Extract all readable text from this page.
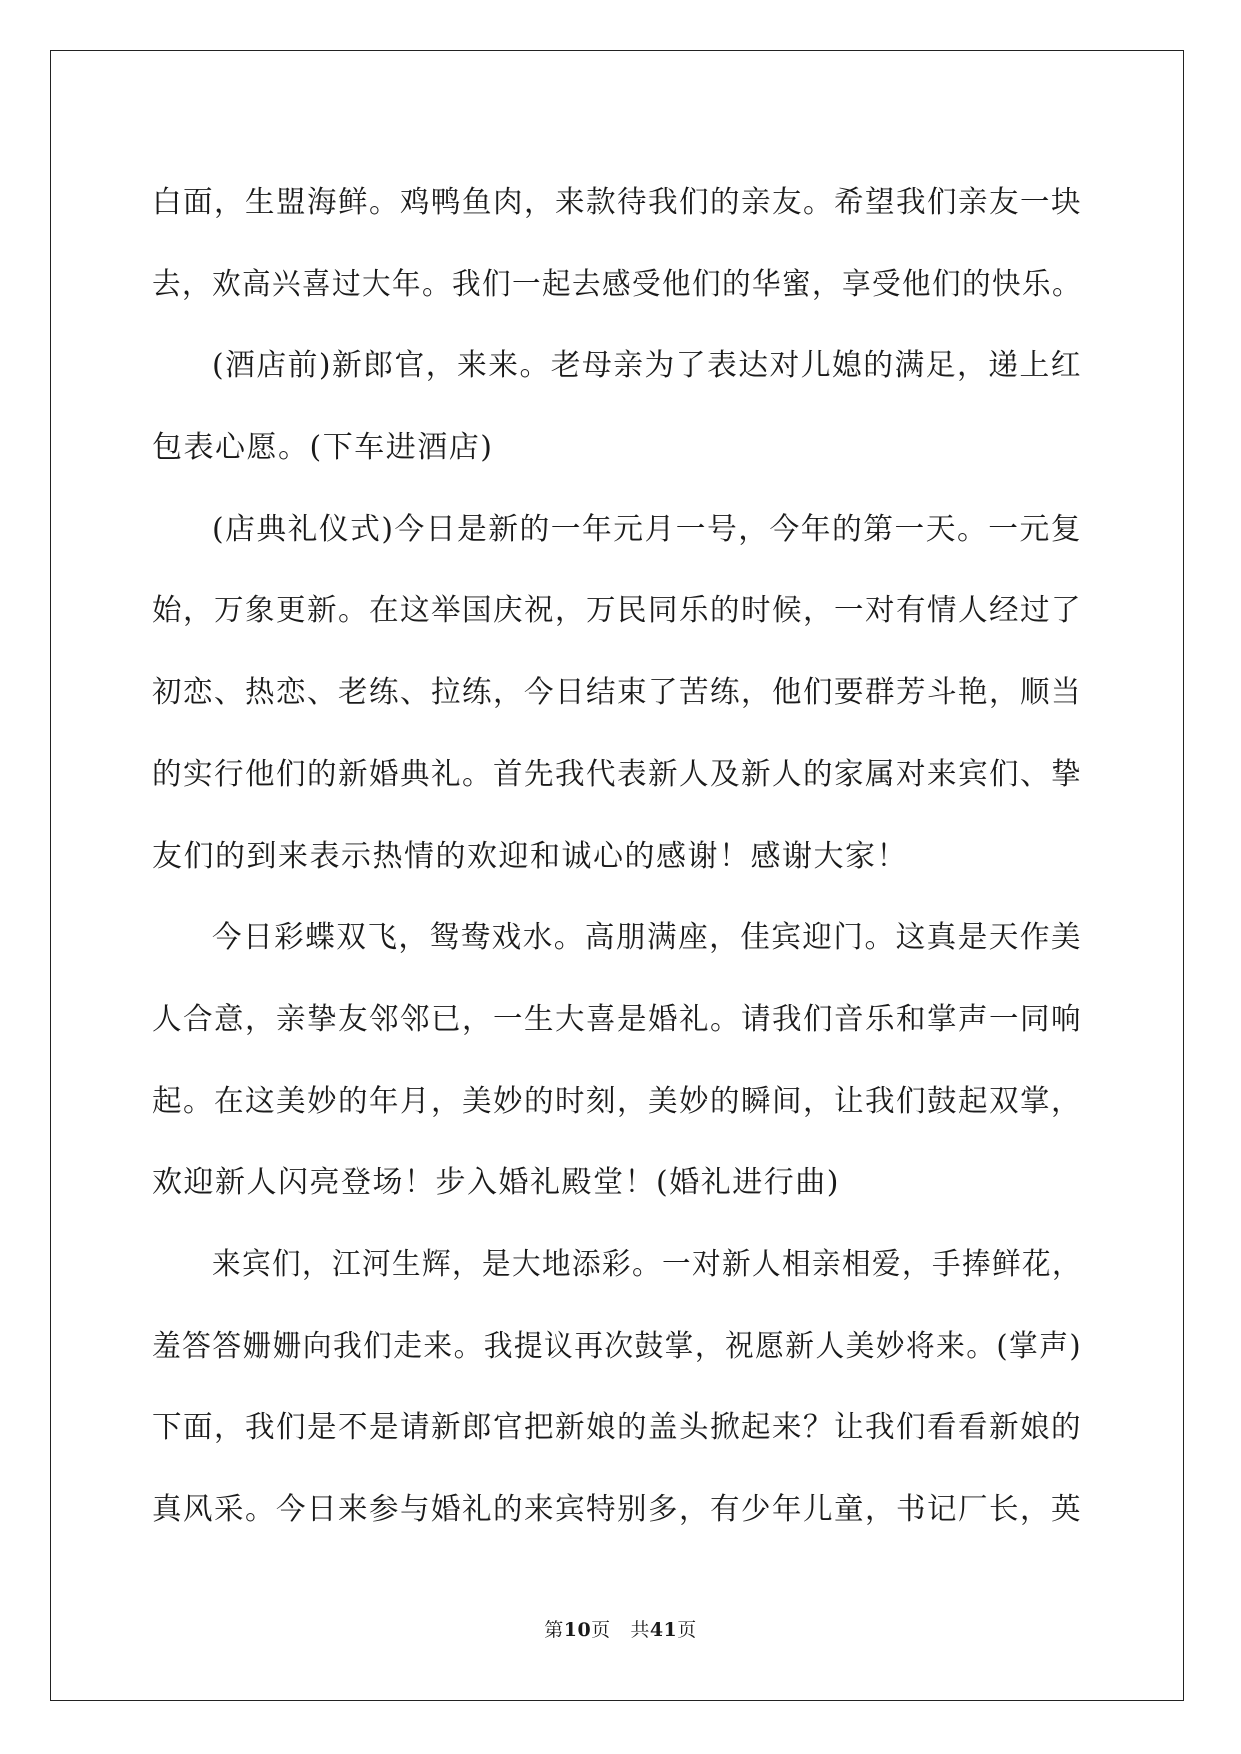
白面，生盟海鲜。鸡鸭鱼肉，来款待我们的亲友。希望我们亲友一块
去，欢高兴喜过大年。我们一起去感受他们的华蜜，享受他们的快乐。
(酒店前)新郎官，来来。老母亲为了表达对儿媳的满足，递上红
包表心愿。(下车进酒店)
(店典礼仪式)今日是新的一年元月一号，今年的第一天。一元复
始，万象更新。在这举国庆祝，万民同乐的时候，一对有情人经过了
初恋、热恋、老练、拉练，今日结束了苦练，他们要群芳斗艳，顺当
的实行他们的新婚典礼。首先我代表新人及新人的家属对来宾们、挚
友们的到来表示热情的欢迎和诚心的感谢！感谢大家！
今日彩蝶双飞，鸳鸯戏水。高朋满座，佳宾迎门。这真是天作美
人合意，亲挚友邻邻已，一生大喜是婚礼。请我们音乐和掌声一同响
起。在这美妙的年月，美妙的时刻，美妙的瞬间，让我们鼓起双掌，
欢迎新人闪亮登场！步入婚礼殿堂！(婚礼进行曲)
来宾们，江河生辉，是大地添彩。一对新人相亲相爱，手捧鲜花，
羞答答姗姗向我们走来。我提议再次鼓掌，祝愿新人美妙将来。(掌声)
下面，我们是不是请新郎官把新娘的盖头掀起来？让我们看看新娘的
真风采。今日来参与婚礼的来宾特别多，有少年儿童，书记厂长，英
第10页 共41页
